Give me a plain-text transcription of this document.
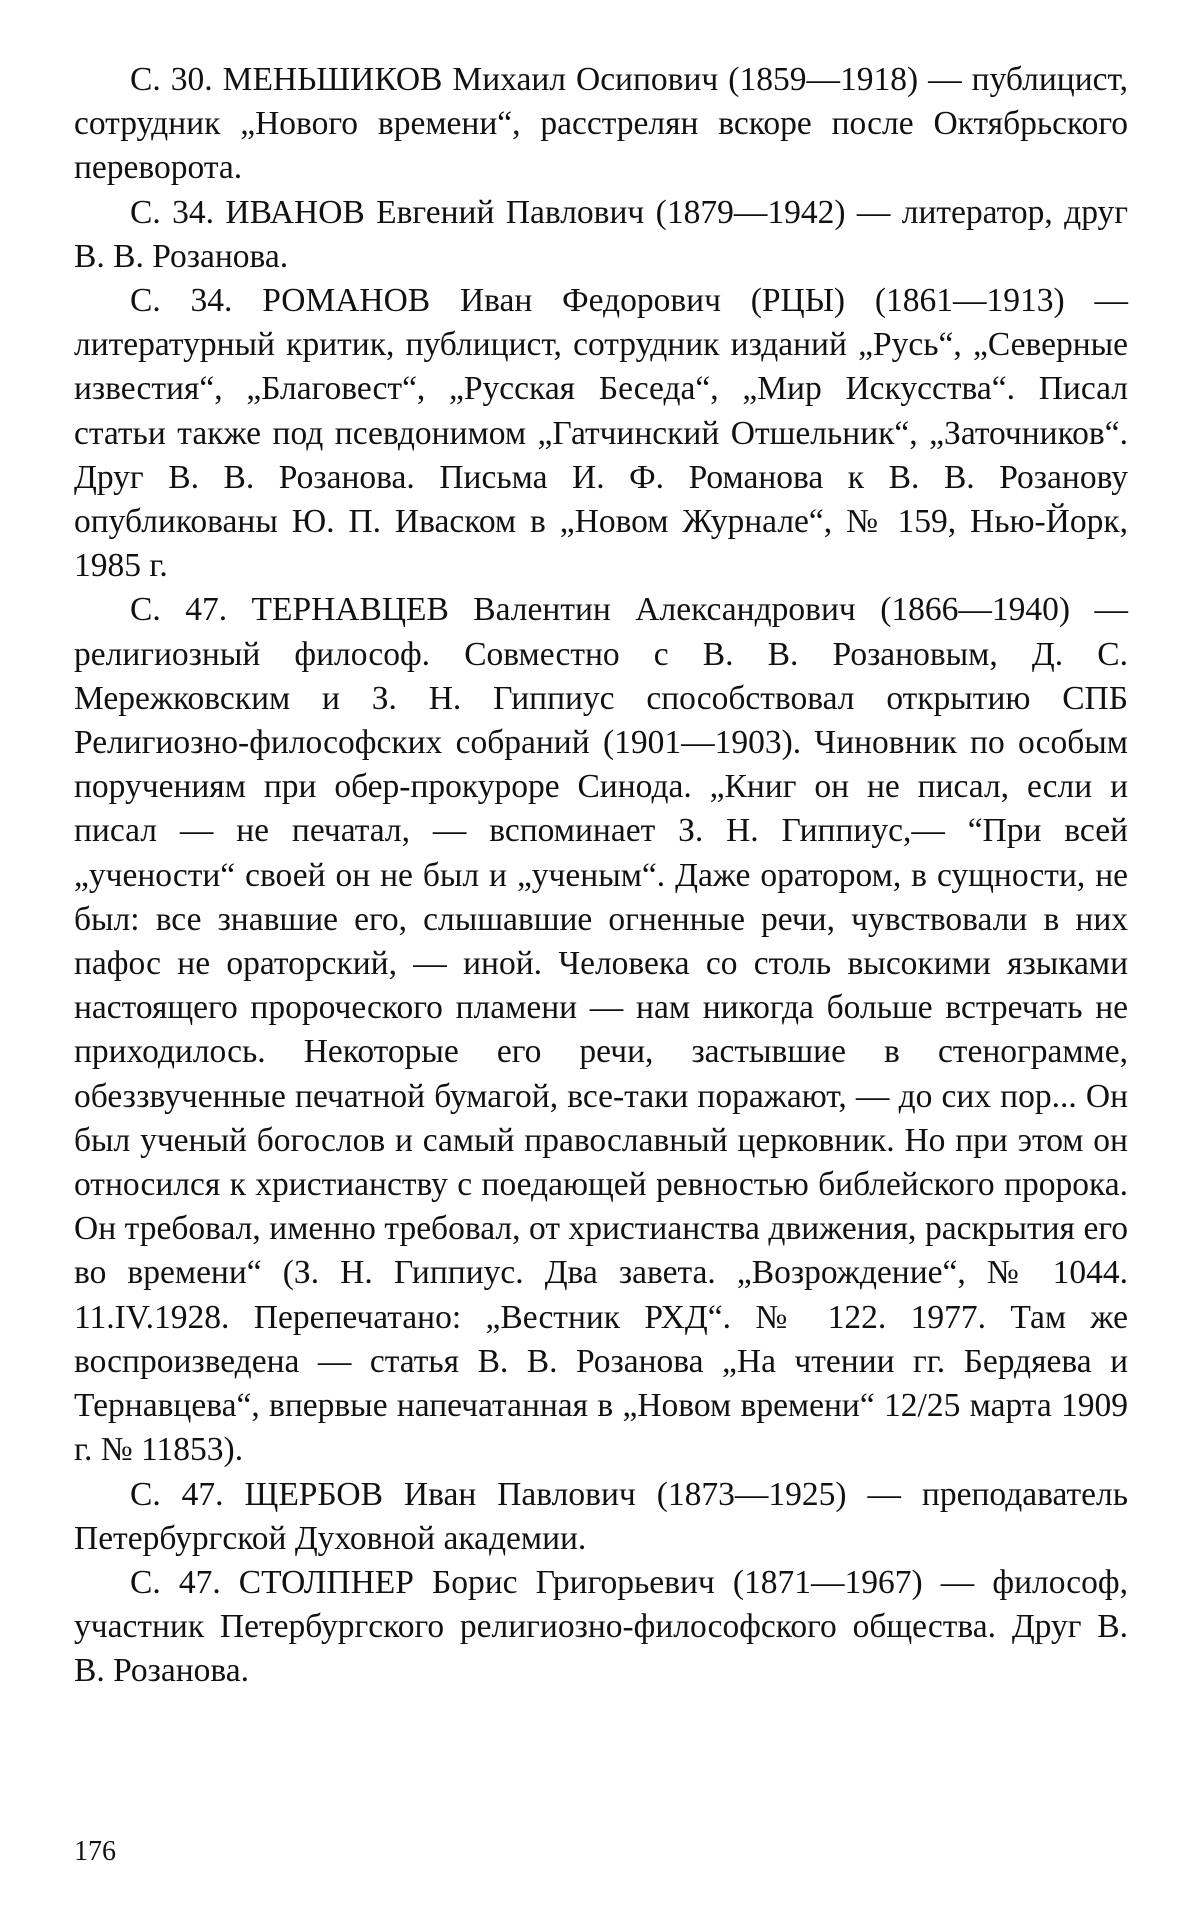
С. 30. МЕНЬШИКОВ Михаил Осипович (1859—1918) — публицист, сотрудник „Нового времени“, расстрелян вскоре после Октябрьского переворота.

С. 34. ИВАНОВ Евгений Павлович (1879—1942) — литератор, друг В. В. Розанова.

С. 34. РОМАНОВ Иван Федорович (РЦЫ) (1861—1913) — литературный критик, публицист, сотрудник изданий „Русь“, „Северные известия“, „Благовест“, „Русская Беседа“, „Мир Искусства“. Писал статьи также под псевдонимом „Гатчинский Отшельник“, „Заточников“. Друг В. В. Розанова. Письма И. Ф. Романова к В. В. Розанову опубликованы Ю. П. Иваском в „Новом Журнале“, № 159, Нью-Йорк, 1985 г.

С. 47. ТЕРНАВЦЕВ Валентин Александрович (1866—1940) — религиозный философ. Совместно с В. В. Розановым, Д. С. Мережковским и З. Н. Гиппиус способствовал открытию СПБ Религиозно-философских собраний (1901—1903). Чиновник по особым поручениям при обер-прокуроре Синода. „Книг он не писал, если и писал — не печатал, — вспоминает З. Н. Гиппиус,— “При всей „учености“ своей он не был и „ученым“. Даже оратором, в сущности, не был: все знавшие его, слышавшие огненные речи, чувствовали в них пафос не ораторский, — иной. Человека со столь высокими языками настоящего пророческого пламени — нам никогда больше встречать не приходилось. Некоторые его речи, застывшие в стенограмме, обеззвученные печатной бумагой, все-таки поражают, — до сих пор... Он был ученый богослов и самый православный церковник. Но при этом он относился к христианству с поедающей ревностью библейского пророка. Он требовал, именно требовал, от христианства движения, раскрытия его во времени“ (З. Н. Гиппиус. Два завета. „Возрождение“, № 1044. 11.IV.1928. Перепечатано: „Вестник РХД“. № 122. 1977. Там же воспроизведена — статья В. В. Розанова „На чтении гг. Бердяева и Тернавцева“, впервые напечатанная в „Новом времени“ 12/25 марта 1909 г. № 11853).

С. 47. ЩЕРБОВ Иван Павлович (1873—1925) — преподаватель Петербургской Духовной академии.

С. 47. СТОЛПНЕР Борис Григорьевич (1871—1967) — философ, участник Петербургского религиозно-философского общества. Друг В. В. Розанова.

176
